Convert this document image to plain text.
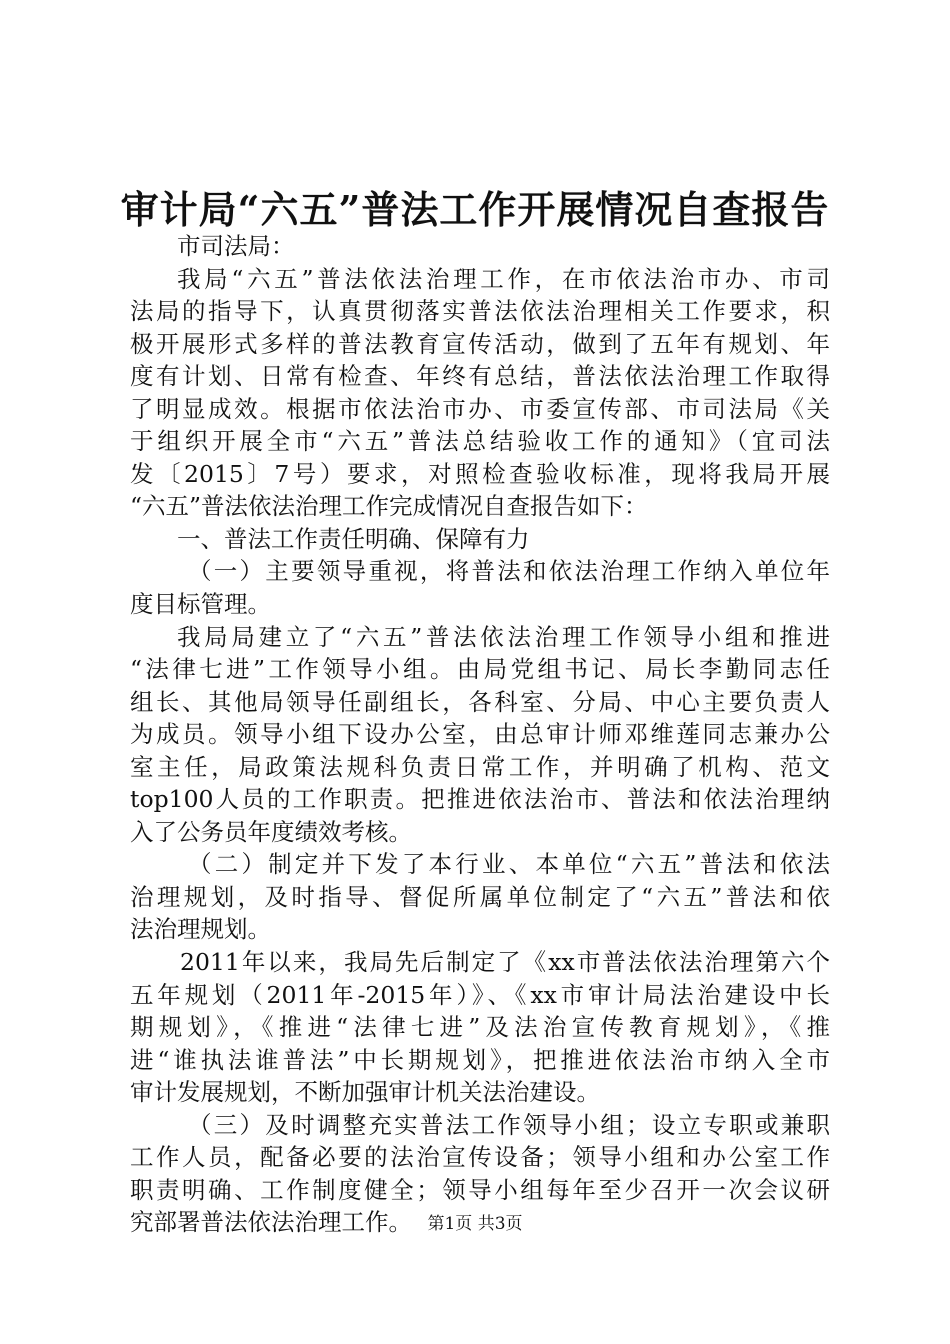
审计局“六五”普法工作开展情况自查报告
市司法局：
我局“六五”普法依法治理工作，在市依法治市办、市司
法局的指导下，认真贯彻落实普法依法治理相关工作要求，积
极开展形式多样的普法教育宣传活动，做到了五年有规划、年
度有计划、日常有检查、年终有总结，普法依法治理工作取得
了明显成效。根据市依法治市办、市委宣传部、市司法局《关
于组织开展全市“六五”普法总结验收工作的通知》（宜司法
发〔2015〕7号）要求，对照检查验收标准，现将我局开展
“六五”普法依法治理工作完成情况自查报告如下：
一、普法工作责任明确、保障有力
（一）主要领导重视，将普法和依法治理工作纳入单位年
度目标管理。
我局局建立了“六五”普法依法治理工作领导小组和推进
“法律七进”工作领导小组。由局党组书记、局长李勤同志任
组长、其他局领导任副组长，各科室、分局、中心主要负责人
为成员。领导小组下设办公室，由总审计师邓维莲同志兼办公
室主任，局政策法规科负责日常工作，并明确了机构、范文
top100人员的工作职责。把推进依法治市、普法和依法治理纳
入了公务员年度绩效考核。
（二）制定并下发了本行业、本单位“六五”普法和依法
治理规划，及时指导、督促所属单位制定了“六五”普法和依
法治理规划。
2011年以来，我局先后制定了《xx市普法依法治理第六个
五年规划（2011年-2015年）》、《xx市审计局法治建设中长
期规划》，《推进“法律七进”及法治宣传教育规划》，《推
进“谁执法谁普法”中长期规划》，把推进依法治市纳入全市
审计发展规划，不断加强审计机关法治建设。
（三）及时调整充实普法工作领导小组；设立专职或兼职
工作人员，配备必要的法治宣传设备；领导小组和办公室工作
职责明确、工作制度健全；领导小组每年至少召开一次会议研
究部署普法依法治理工作。 第1页 共3页
